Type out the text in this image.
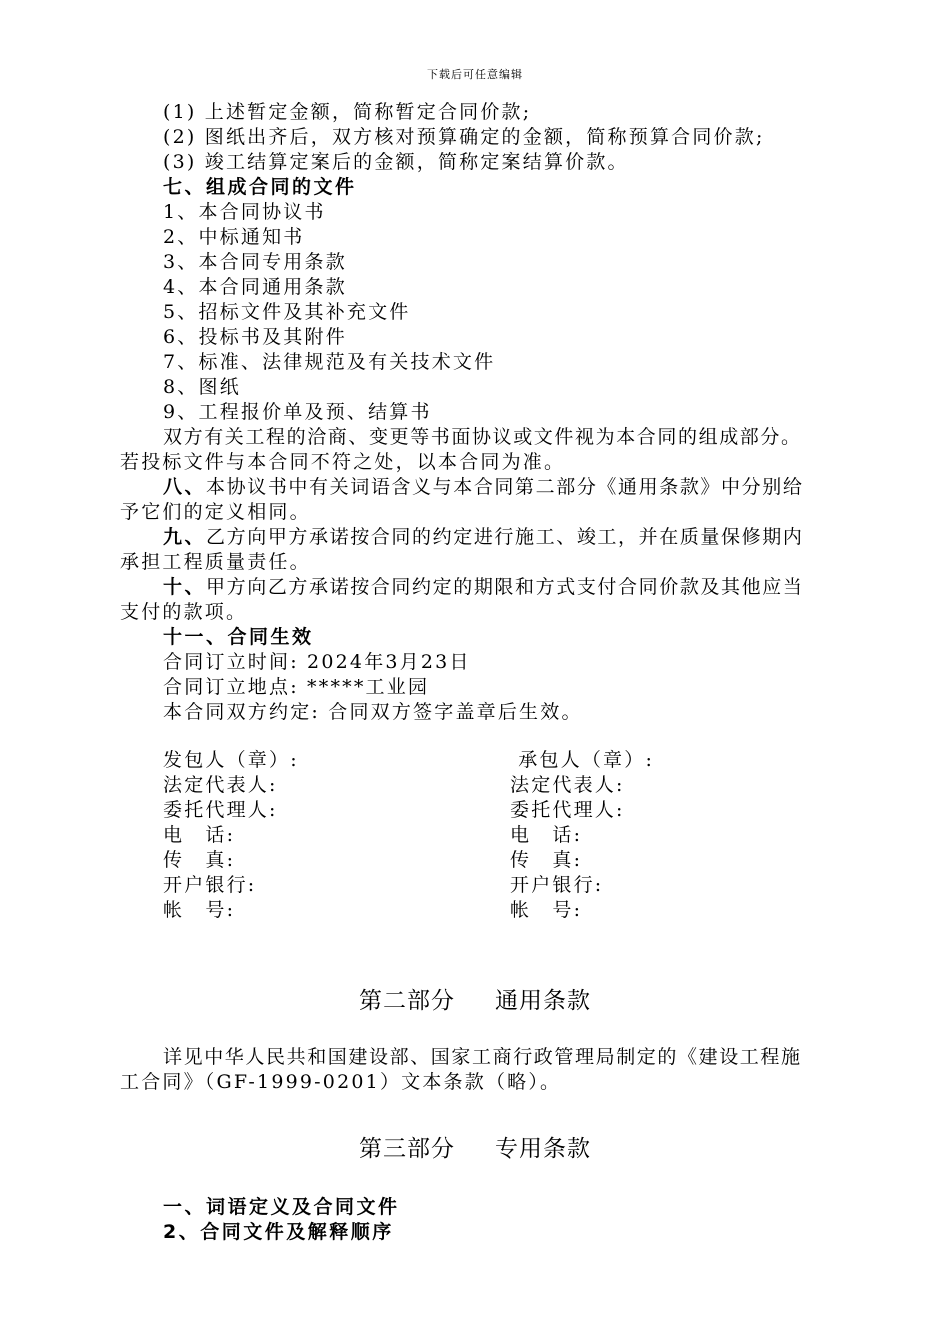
下载后可任意编辑
(1) 上述暂定金额，简称暂定合同价款;
(2) 图纸出齐后，双方核对预算确定的金额，简称预算合同价款;
(3) 竣工结算定案后的金额，简称定案结算价款。
七、组成合同的文件
1、本合同协议书
2、中标通知书
3、本合同专用条款
4、本合同通用条款
5、招标文件及其补充文件
6、投标书及其附件
7、标准、法律规范及有关技术文件
8、图纸
9、工程报价单及预、结算书
双方有关工程的洽商、变更等书面协议或文件视为本合同的组成部分。
若投标文件与本合同不符之处，以本合同为准。
八、本协议书中有关词语含义与本合同第二部分《通用条款》中分别给
予它们的定义相同。
九、乙方向甲方承诺按合同的约定进行施工、竣工，并在质量保修期内
承担工程质量责任。
十、甲方向乙方承诺按合同约定的期限和方式支付合同价款及其他应当
支付的款项。
十一、合同生效
合同订立时间: 2024年3月23日
合同订立地点: *****工业园
本合同双方约定: 合同双方签字盖章后生效。
发包人（章）:
法定代表人:
委托代理人:
电　话:
传　真:
开户银行:
帐　号:
承包人（章）:
法定代表人:
委托代理人:
电　话:
传　真:
开户银行:
帐　号:
第二部分 通用条款
详见中华人民共和国建设部、国家工商行政管理局制定的《建设工程施
工合同》（GF-1999-0201）文本条款（略）。
第三部分 专用条款
一、词语定义及合同文件
2、合同文件及解释顺序
